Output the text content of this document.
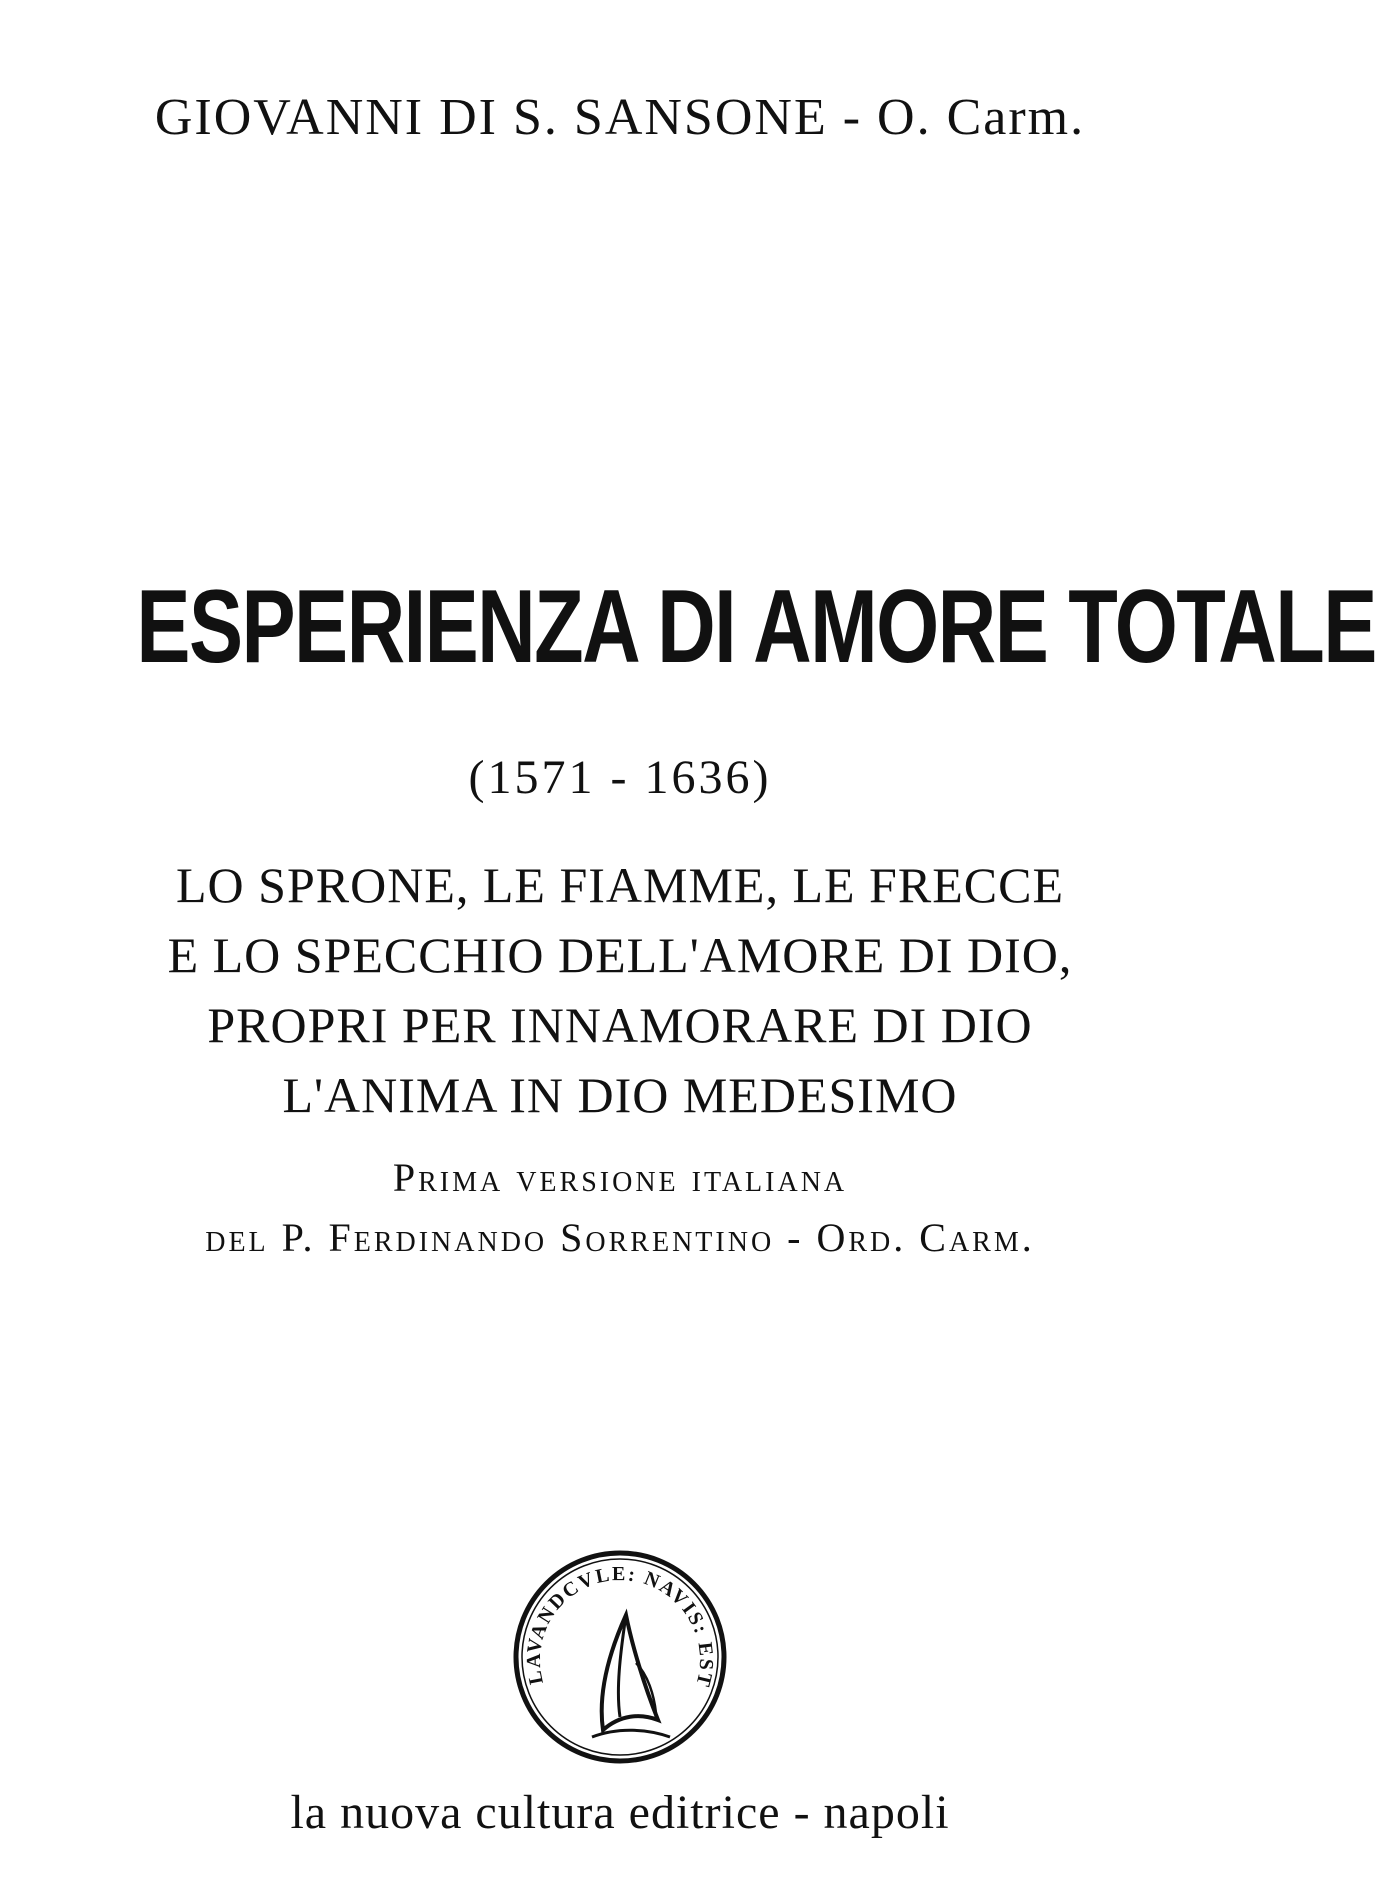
GIOVANNI DI S. SANSONE - O. Carm.
ESPERIENZA DI AMORE TOTALE
(1571 - 1636)
LO SPRONE, LE FIAMME, LE FRECCE
E LO SPECCHIO DELL'AMORE DI DIO,
PROPRI PER INNAMORARE DI DIO
L'ANIMA IN DIO MEDESIMO
Prima versione italiana
del P. Ferdinando Sorrentino - Ord. Carm.
LAVANDCVLE: NAVIS: EST
la nuova cultura editrice - napoli
